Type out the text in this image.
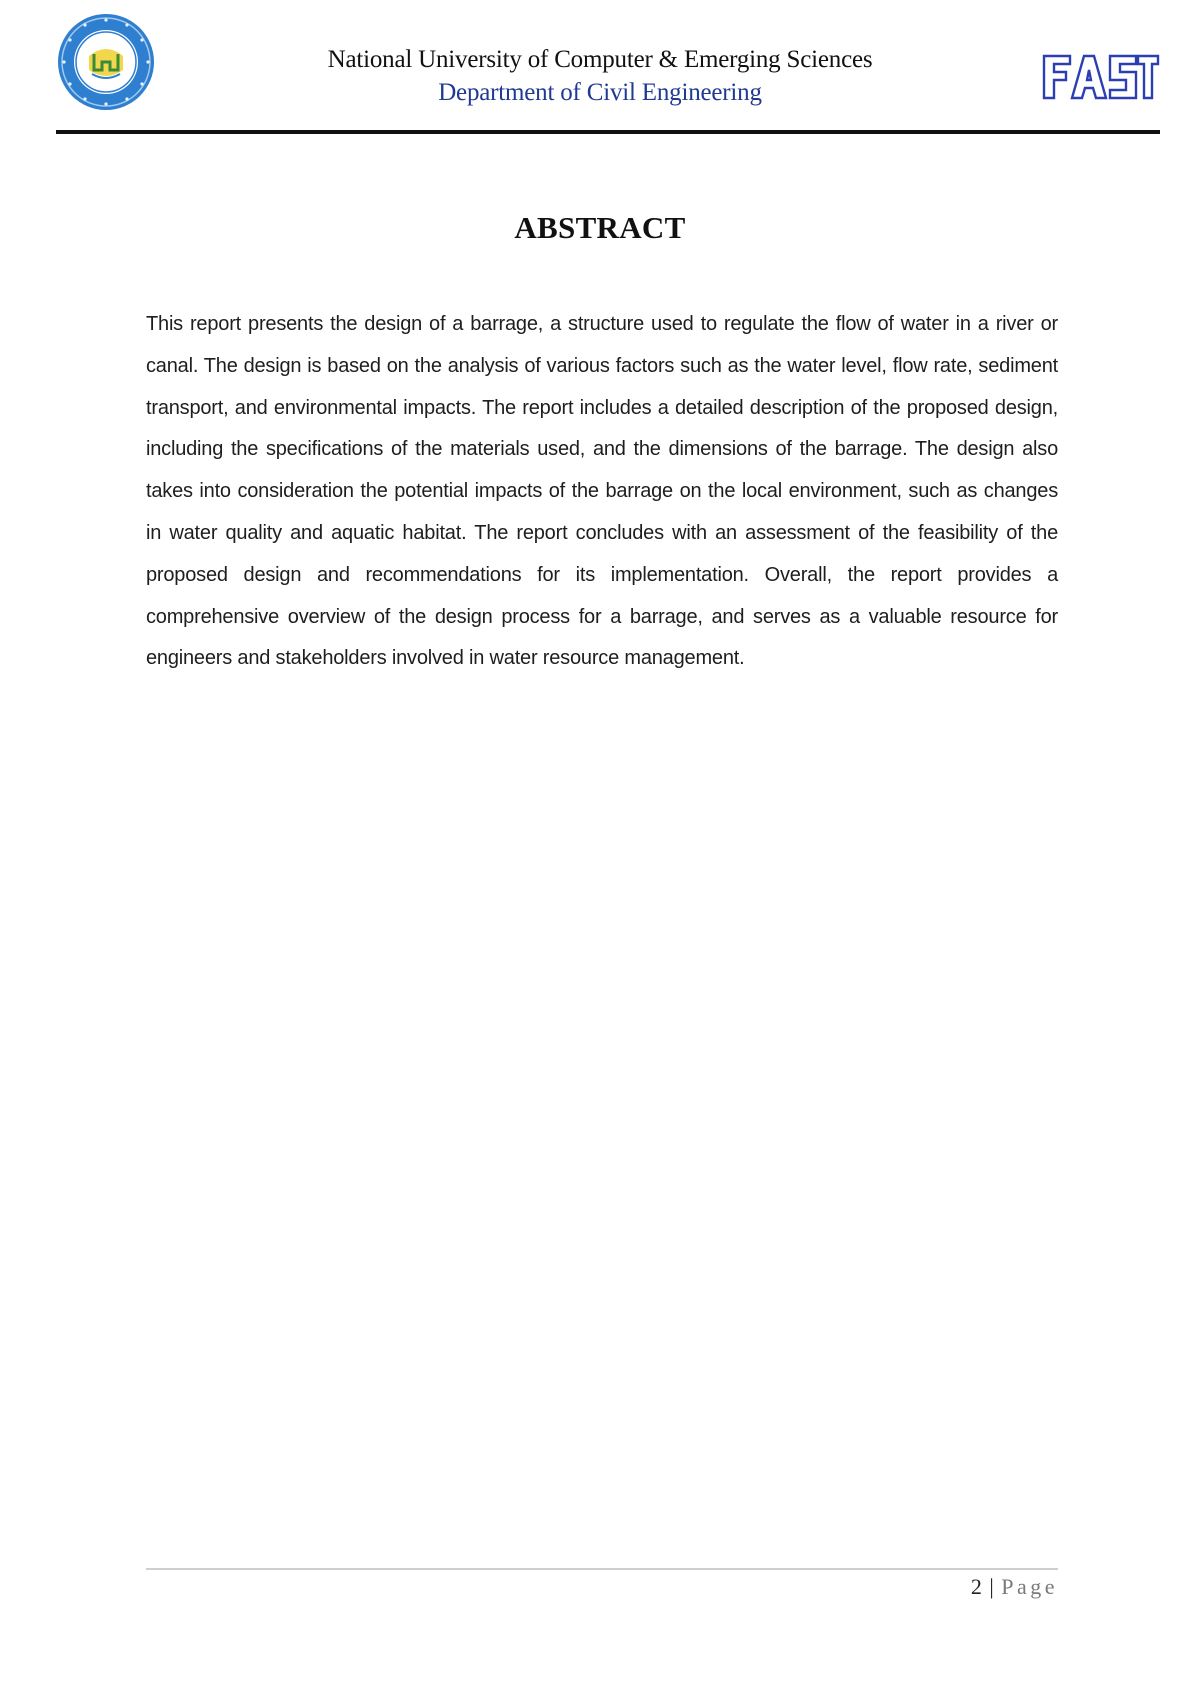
National University of Computer & Emerging Sciences
Department of Civil Engineering
ABSTRACT

This report presents the design of a barrage, a structure used to regulate the flow of water in a river or canal. The design is based on the analysis of various factors such as the water level, flow rate, sediment transport, and environmental impacts. The report includes a detailed description of the proposed design, including the specifications of the materials used, and the dimensions of the barrage. The design also takes into consideration the potential impacts of the barrage on the local environment, such as changes in water quality and aquatic habitat. The report concludes with an assessment of the feasibility of the proposed design and recommendations for its implementation. Overall, the report provides a comprehensive overview of the design process for a barrage, and serves as a valuable resource for engineers and stakeholders involved in water resource management.

2 | Page
